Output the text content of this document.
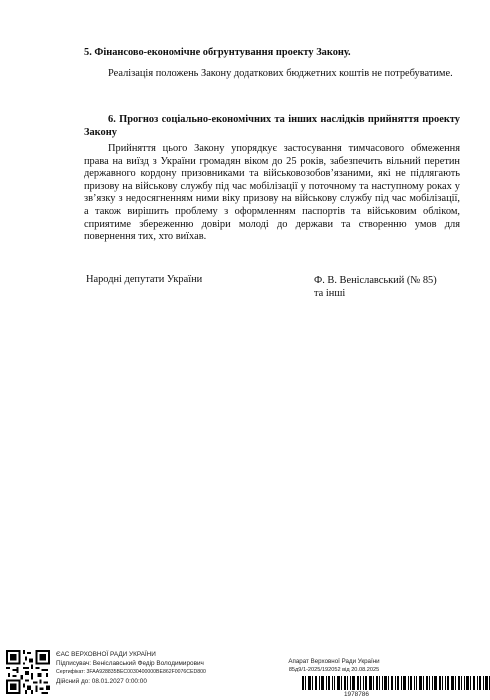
5. Фінансово-економічне обгрунтування проекту Закону.
Реалізація положень Закону додаткових бюджетних коштів не потребуватиме.
6. Прогноз соціально-економічних та інших наслідків прийняття проекту Закону
Прийняття цього Закону упорядкує застосування тимчасового обмеження права на виїзд з України громадян віком до 25 років, забезпечить вільний перетин державного кордону призовниками та військовозобов’язаними, які не підлягають призову на військову службу під час мобілізації у поточному та наступному роках у зв’язку з недосягненням ними віку призову на військову службу під час мобілізації, а також вирішить проблему з оформленням паспортів та військовим обліком, сприятиме збереженню довіри молоді до держави та створенню умов для повернення тих, хто виїхав.
Народні депутати України	Ф. В. Веніславський (№ 85)
та інші
ЄАС ВЕРХОВНОЇ РАДИ УКРАЇНИ
Підписувач: Веніславський Федір Володимирович
Сертифікат: 3FAA928835BEC0030400000BE862F0076CED800
Дійсний до: 08.01.2027 0:00:00
Апарат Верховної Ради України
85д9/1-2025/192052 від 20.08.2025
1978786
